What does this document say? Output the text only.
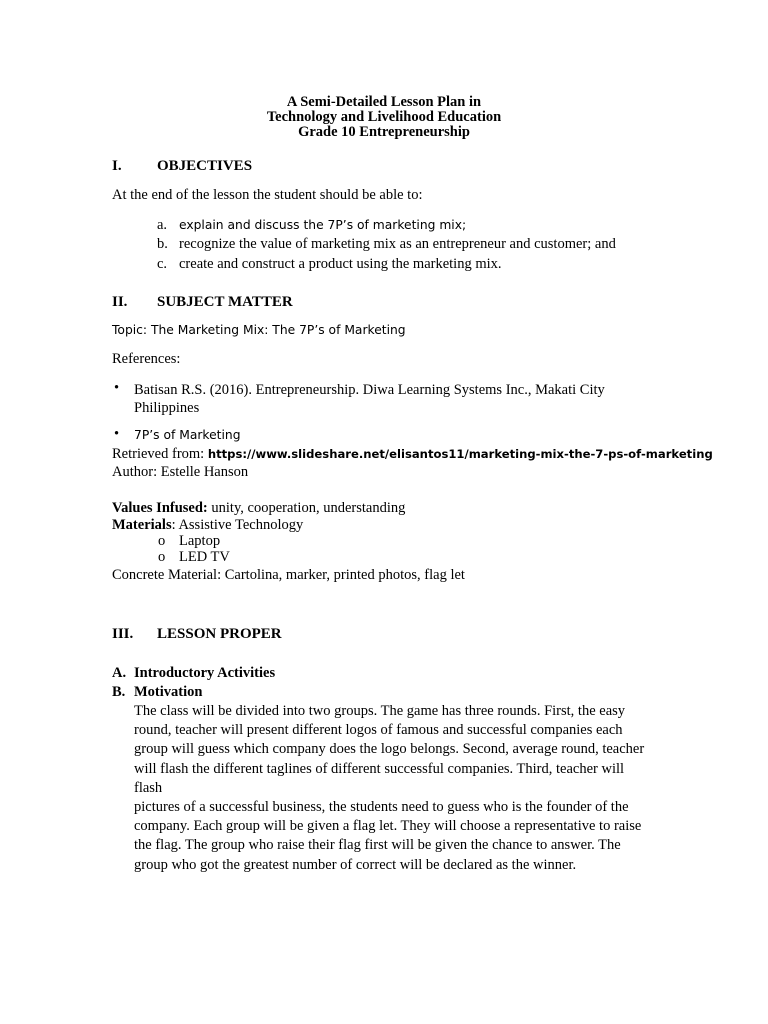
A Semi-Detailed Lesson Plan in
Technology and Livelihood Education
Grade 10 Entrepreneurship
I. OBJECTIVES
At the end of the lesson the student should be able to:
a. explain and discuss the 7P’s of marketing mix;
b. recognize the value of marketing mix as an entrepreneur and customer; and
c. create and construct a product using the marketing mix.
II. SUBJECT MATTER
Topic: The Marketing Mix: The 7P’s of Marketing
References:
• Batisan R.S. (2016). Entrepreneurship. Diwa Learning Systems Inc., Makati City
Philippines
• 7P’s of Marketing
Retrieved from: https://www.slideshare.net/elisantos11/marketing-mix-the-7-ps-of-marketing
Author: Estelle Hanson
Values Infused: unity, cooperation, understanding
Materials: Assistive Technology
o Laptop
o LED TV
Concrete Material: Cartolina, marker, printed photos, flag let
III. LESSON PROPER
A. Introductory Activities
B. Motivation
The class will be divided into two groups. The game has three rounds. First, the easy
round, teacher will present different logos of famous and successful companies each
group will guess which company does the logo belongs. Second, average round, teacher
will flash the different taglines of different successful companies. Third, teacher will flash
pictures of a successful business, the students need to guess who is the founder of the
company. Each group will be given a flag let. They will choose a representative to raise
the flag. The group who raise their flag first will be given the chance to answer. The
group who got the greatest number of correct will be declared as the winner.
